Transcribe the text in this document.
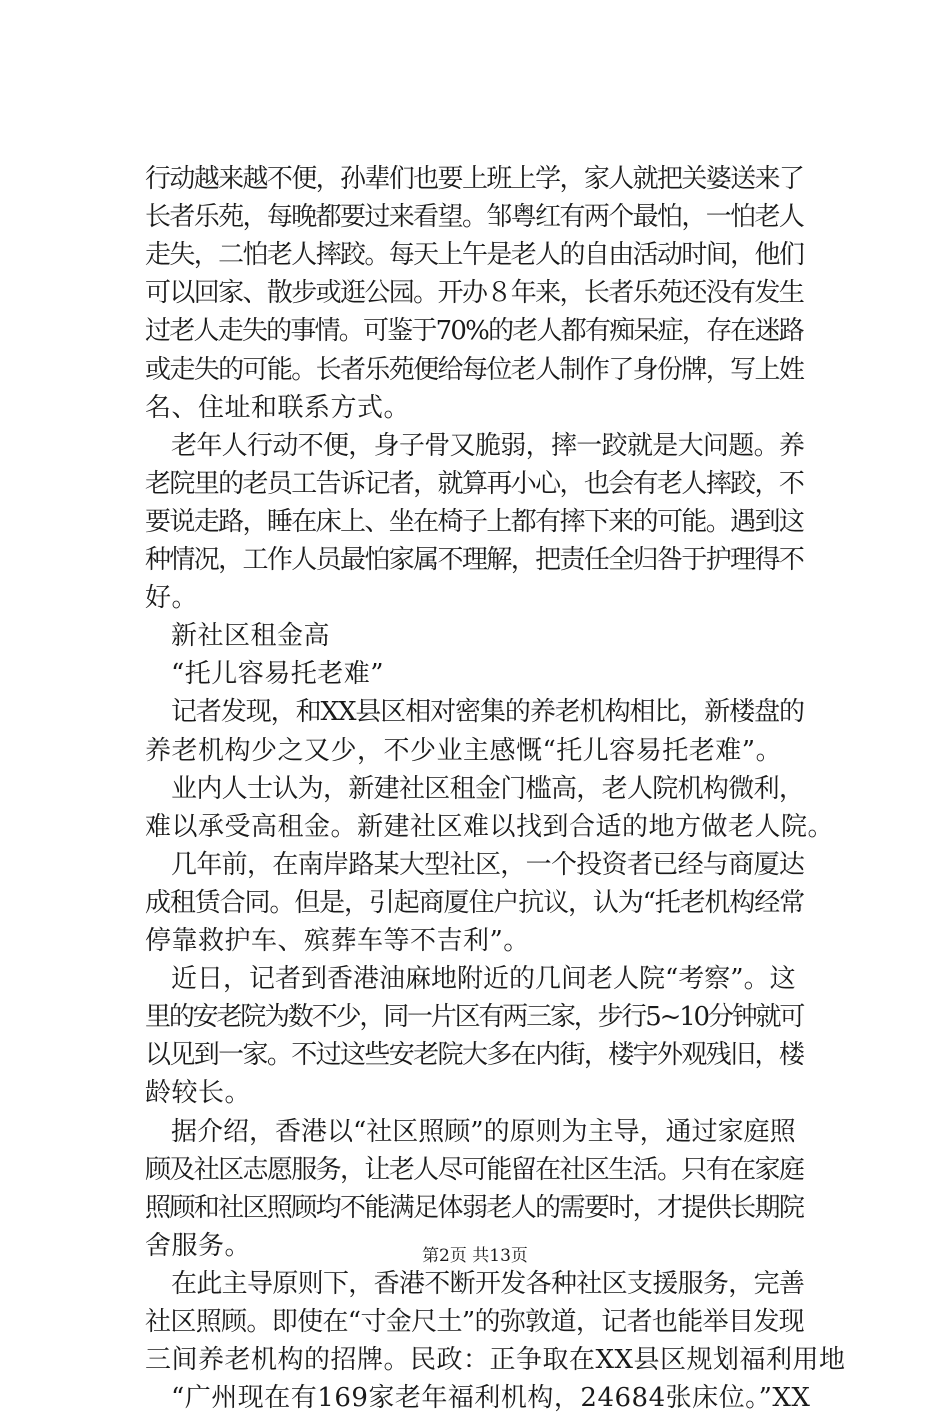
行动越来越不便，孙辈们也要上班上学，家人就把关婆送来了
长者乐苑，每晚都要过来看望。邹粤红有两个最怕，一怕老人
走失，二怕老人摔跤。每天上午是老人的自由活动时间，他们
可以回家、散步或逛公园。开办８年来，长者乐苑还没有发生
过老人走失的事情。可鉴于70%的老人都有痴呆症，存在迷路
或走失的可能。长者乐苑便给每位老人制作了身份牌，写上姓
名、住址和联系方式。
老年人行动不便，身子骨又脆弱，摔一跤就是大问题。养
老院里的老员工告诉记者，就算再小心，也会有老人摔跤，不
要说走路，睡在床上、坐在椅子上都有摔下来的可能。遇到这
种情况，工作人员最怕家属不理解，把责任全归咎于护理得不
好。
新社区租金高
“托儿容易托老难”
记者发现，和XX县区相对密集的养老机构相比，新楼盘的
养老机构少之又少，不少业主感慨“托儿容易托老难”。
业内人士认为，新建社区租金门槛高，老人院机构微利，
难以承受高租金。新建社区难以找到合适的地方做老人院。
几年前，在南岸路某大型社区，一个投资者已经与商厦达
成租赁合同。但是，引起商厦住户抗议，认为“托老机构经常
停靠救护车、殡葬车等不吉利”。
近日，记者到香港油麻地附近的几间老人院“考察”。这
里的安老院为数不少，同一片区有两三家，步行5~10分钟就可
以见到一家。不过这些安老院大多在内街，楼宇外观残旧，楼
龄较长。
据介绍，香港以“社区照顾”的原则为主导，通过家庭照
顾及社区志愿服务，让老人尽可能留在社区生活。只有在家庭
照顾和社区照顾均不能满足体弱老人的需要时，才提供长期院
舍服务。
在此主导原则下，香港不断开发各种社区支援服务，完善
社区照顾。即使在“寸金尺土”的弥敦道，记者也能举目发现
三间养老机构的招牌。民政：正争取在XX县区规划福利用地
“广州现在有169家老年福利机构，24684张床位。”XX
第2页 共13页
